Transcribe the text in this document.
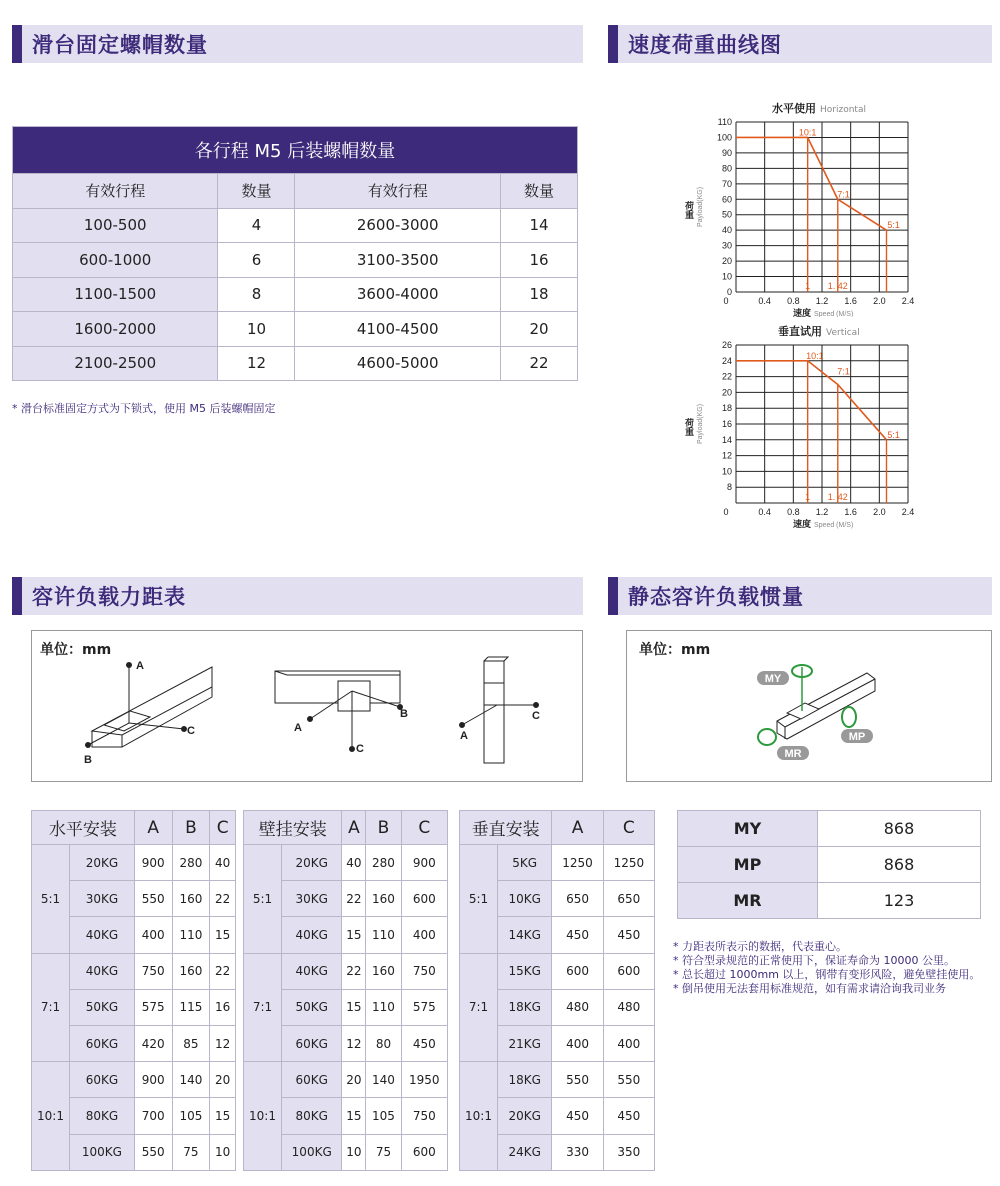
滑台固定螺帽数量	速度荷重曲线图
容许负载力距表	静态容许负载惯量
各行程 M5 后装螺帽数量			
有效行程	数量	有效行程	数量
100-500	4	2600-3000	14
600-1000	6	3100-3500	16
1100-1500	8	3600-4000	18
1600-2000	10	4100-4500	20
2100-2500	12	4600-5000	22
* 滑台标准固定方式为下锁式，使用 M5 后装螺帽固定
水平使用 Horizontal
0
10
20
30
40
50
60
70
80
90
100
110
0	0.4 0.8 1.2 1.6 2.0 2.4
速度 Speed (M/S)
荷重 Payload(KG)
10:1
7:1
5:1
1 1. 42
垂直试用 Vertical
8
10
12
14
16
18
20
22
24
26
0	0.4 0.8 1.2 1.6 2.0 2.4
速度 Speed (M/S)
荷重 Payload(KG)
10:1
7:1
5:1
1 1. 42
单位：mm
A
C
B
A
C
B
A
C
单位：mm
MY
MP
MR
水平安装		A	B	C
5:1	20KG	900	280	40
	30KG	550	160	22
	40KG	400	110	15
7:1	40KG	750	160	22
	50KG	575	115	16
	60KG	420	85	12
10:1	60KG	900	140	20
	80KG	700	105	15
	100KG	550	75	10
壁挂安装		A	B	C
5:1	20KG	40	280	900
	30KG	22	160	600
	40KG	15	110	400
7:1	40KG	22	160	750
	50KG	15	110	575
	60KG	12	80	450
10:1	60KG	20	140	1950
	80KG	15	105	750
	100KG	10	75	600
垂直安装		A	C
5:1	5KG	1250	1250
	10KG	650	650
	14KG	450	450
7:1	15KG	600	600
	18KG	480	480
	21KG	400	400
10:1	18KG	550	550
	20KG	450	450
	24KG	330	350
MY	868
MP	868
MR	123
* 力距表所表示的数据，代表重心。
* 符合型录规范的正常使用下，保证寿命为 10000 公里。
* 总长超过 1000mm 以上，钢带有变形风险，避免壁挂使用。
* 倒吊使用无法套用标准规范，如有需求请洽询我司业务
